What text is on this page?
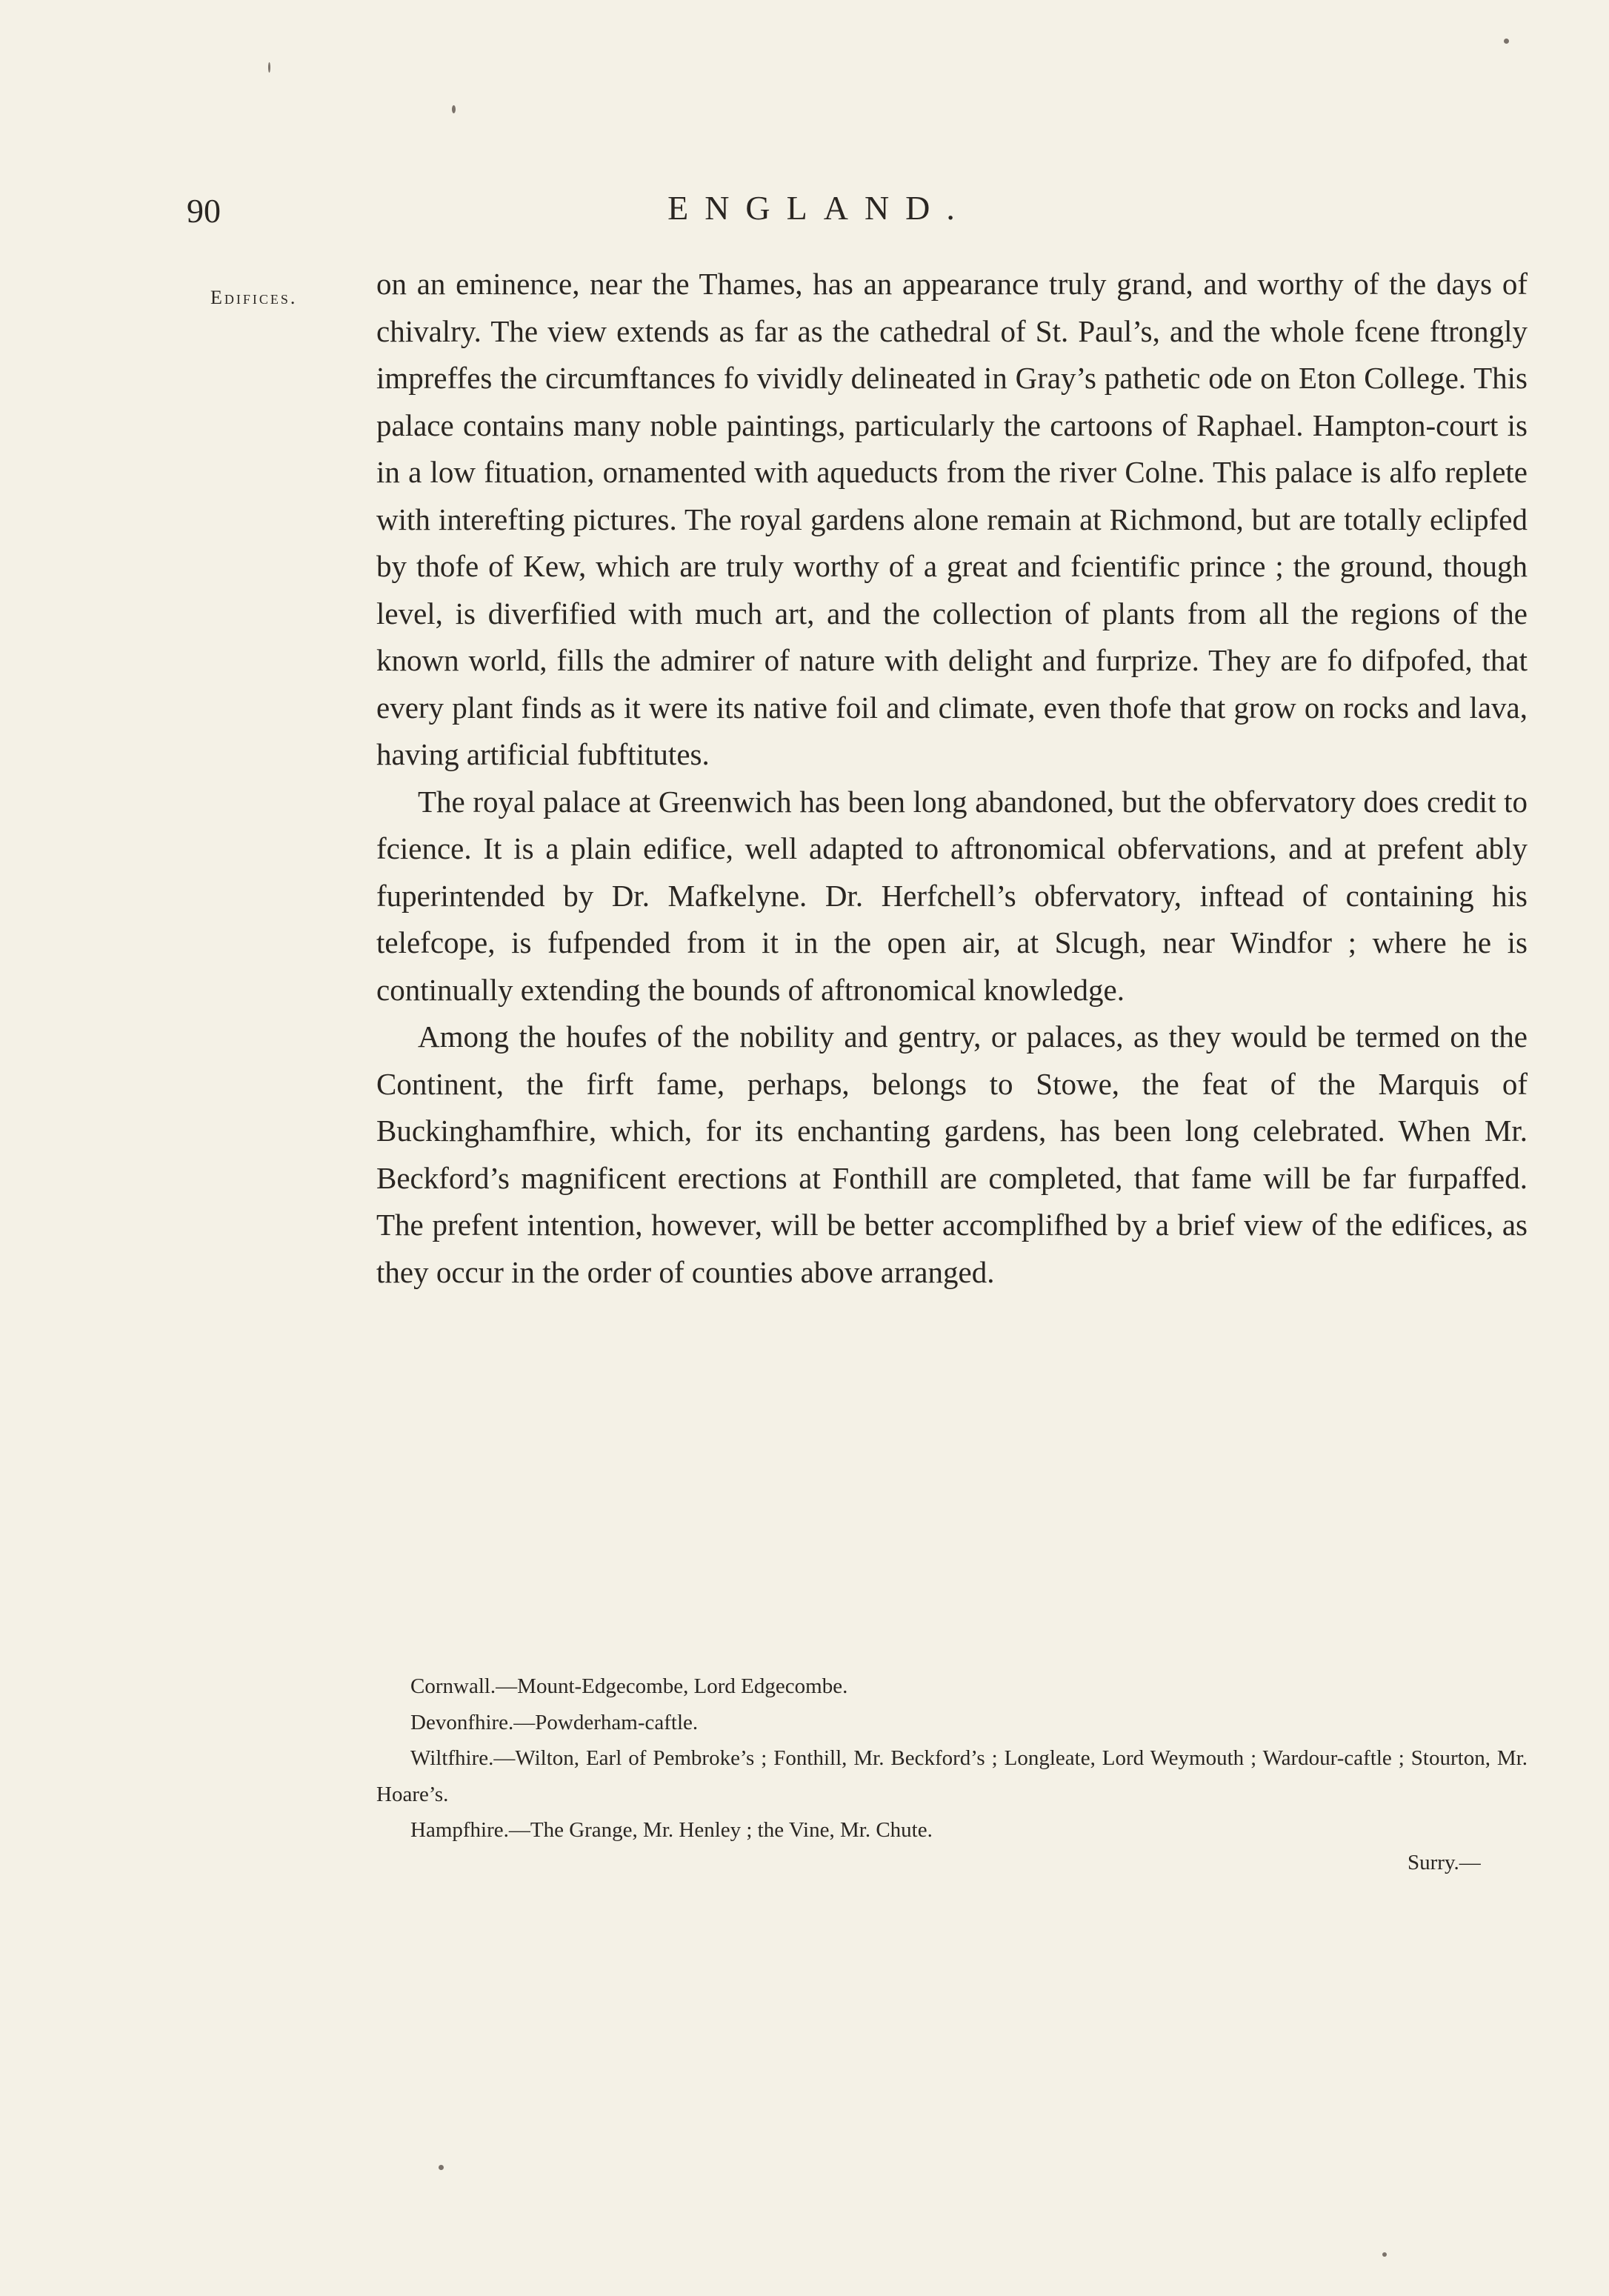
90	ENGLAND.
Edifices.	on an eminence, near the Thames, has an appearance truly grand, and worthy of the days of chivalry. The view extends as far as the cathedral of St. Paul’s, and the whole fcene ftrongly impreffes the circumftances fo vividly delineated in Gray’s pathetic ode on Eton College. This palace contains many noble paintings, particularly the cartoons of Raphael. Hampton-court is in a low fituation, ornamented with aqueducts from the river Colne. This palace is alfo replete with interefting pictures. The royal gardens alone remain at Richmond, but are totally eclipfed by thofe of Kew, which are truly worthy of a great and fcientific prince ; the ground, though level, is diverfified with much art, and the collection of plants from all the regions of the known world, fills the admirer of nature with delight and furprize. They are fo difpofed, that every plant finds as it were its native foil and climate, even thofe that grow on rocks and lava, having artificial fubftitutes.

The royal palace at Greenwich has been long abandoned, but the obfervatory does credit to fcience. It is a plain edifice, well adapted to aftronomical obfervations, and at prefent ably fuperintended by Dr. Mafkelyne. Dr. Herfchell’s obfervatory, inftead of containing his telefcope, is fufpended from it in the open air, at Slcugh, near Windfor ; where he is continually extending the bounds of aftronomical knowledge.

Among the houfes of the nobility and gentry, or palaces, as they would be termed on the Continent, the firft fame, perhaps, belongs to Stowe, the feat of the Marquis of Buckinghamfhire, which, for its enchanting gardens, has been long celebrated. When Mr. Beckford’s magnificent erections at Fonthill are completed, that fame will be far furpaffed. The prefent intention, however, will be better accomplifhed by a brief view of the edifices, as they occur in the order of counties above arranged.

Cornwall.—Mount-Edgecombe, Lord Edgecombe.

Devonfhire.—Powderham-caftle.

Wiltfhire.—Wilton, Earl of Pembroke’s ; Fonthill, Mr. Beckford’s ; Longleate, Lord Weymouth ; Wardour-caftle ; Stourton, Mr. Hoare’s.

Hampfhire.—The Grange, Mr. Henley ; the Vine, Mr. Chute.

Surry.—
